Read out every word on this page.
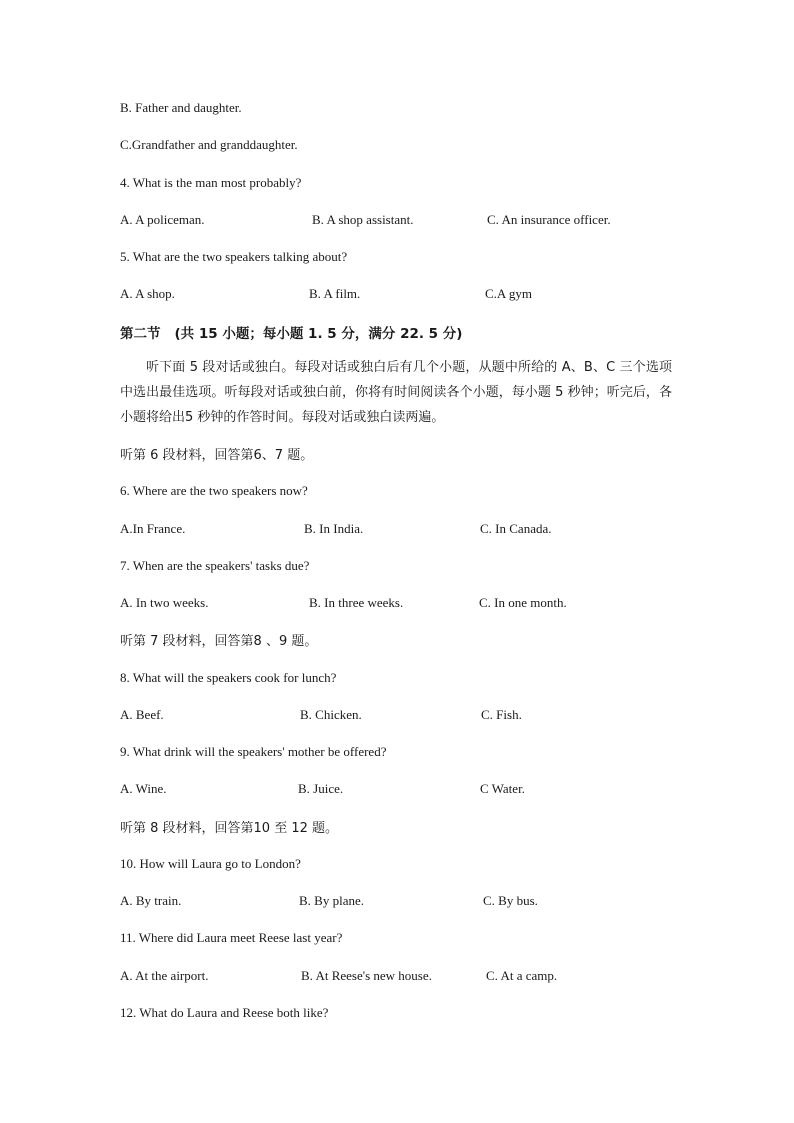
B. Father and daughter.
C.Grandfather and granddaughter.
4. What is the man most probably?
A. A policeman.	B. A shop assistant.	C. An insurance officer.
5. What are the two speakers talking about?
A. A shop.	B. A film.	C.A gym
第二节 (共 15 小题；每小题 1. 5 分，满分 22. 5 分)
听下面 5 段对话或独白。每段对话或独白后有几个小题，从题中所给的 A、B、C 三个选项中选出最佳选项。听每段对话或独白前，你将有时间阅读各个小题，每小题 5 秒钟；听完后，各小题将给出5 秒钟的作答时间。每段对话或独白读两遍。
听第 6 段材料，回答第6、7 题。
6. Where are the two speakers now?
A.In France.	B. In India.	C. In Canada.
7. When are the speakers' tasks due?
A. In two weeks.	B. In three weeks.	C. In one month.
听第 7 段材料，回答第8 、9 题。
8. What will the speakers cook for lunch?
A. Beef.	B. Chicken.	C. Fish.
9. What drink will the speakers' mother be offered?
A. Wine.	B. Juice.	C Water.
听第 8 段材料，回答第10 至 12 题。
10. How will Laura go to London?
A. By train.	B. By plane.	C. By bus.
11. Where did Laura meet Reese last year?
A. At the airport.	B. At Reese's new house.	C. At a camp.
12. What do Laura and Reese both like?
